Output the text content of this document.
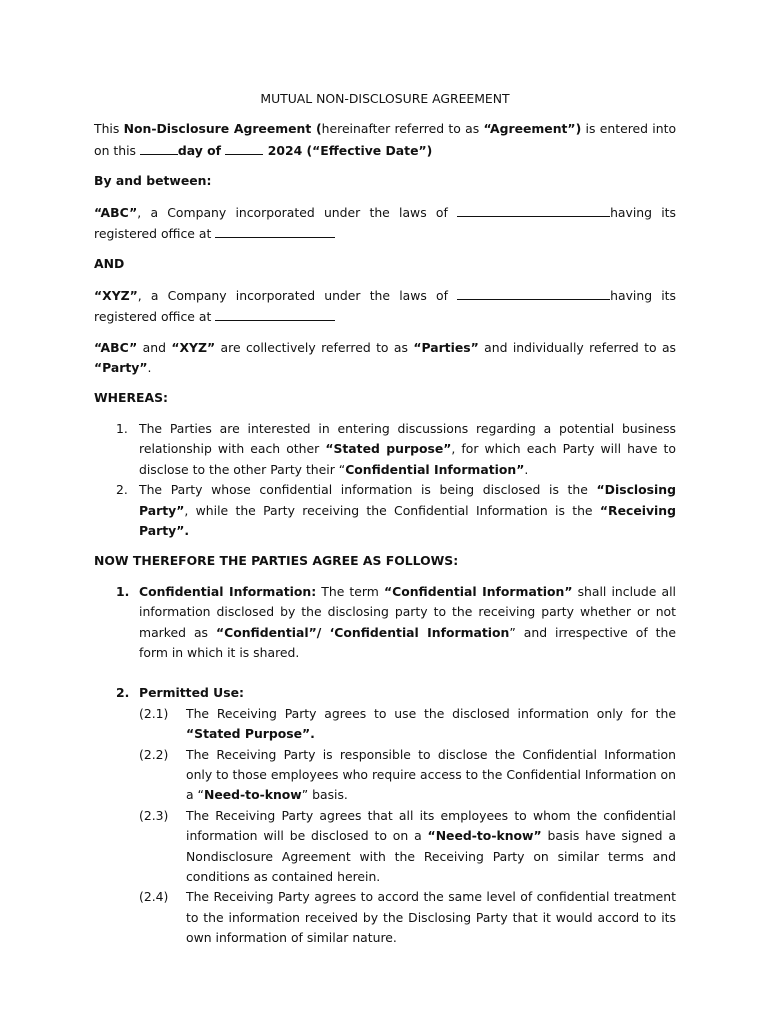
MUTUAL NON-DISCLOSURE AGREEMENT

This Non-Disclosure Agreement (hereinafter referred to as “Agreement”) is entered into on this	day of	2024 (“Effective Date”)

By and between:

“ABC”, a Company incorporated under the laws of	having its registered office at

AND

“XYZ”, a Company incorporated under the laws of	having its registered office at

“ABC” and “XYZ” are collectively referred to as “Parties” and individually referred to as “Party”.

WHEREAS:

1. The Parties are interested in entering discussions regarding a potential business relationship with each other “Stated purpose”, for which each Party will have to disclose to the other Party their “Confidential Information”.
2. The Party whose confidential information is being disclosed is the “Disclosing Party”, while the Party receiving the Confidential Information is the “Receiving Party”.

NOW THEREFORE THE PARTIES AGREE AS FOLLOWS:

1. Confidential Information: The term “Confidential Information” shall include all information disclosed by the disclosing party to the receiving party whether or not marked as “Confidential”/ ‘Confidential Information” and irrespective of the form in which it is shared.
2. Permitted Use:
(2.1) The Receiving Party agrees to use the disclosed information only for the “Stated Purpose”.
(2.2) The Receiving Party is responsible to disclose the Confidential Information only to those employees who require access to the Confidential Information on a “Need-to-know” basis.
(2.3) The Receiving Party agrees that all its employees to whom the confidential information will be disclosed to on a “Need-to-know” basis have signed a Nondisclosure Agreement with the Receiving Party on similar terms and conditions as contained herein.
(2.4) The Receiving Party agrees to accord the same level of confidential treatment to the information received by the Disclosing Party that it would accord to its own information of similar nature.
